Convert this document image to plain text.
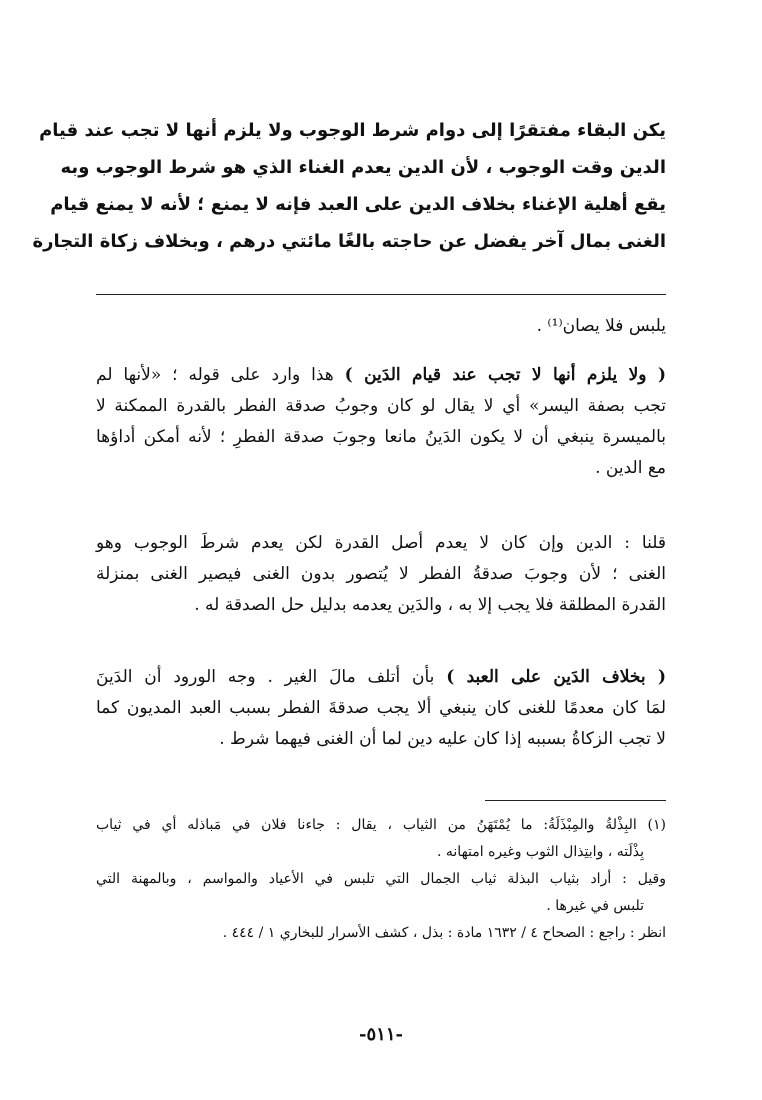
يكن البقاء مفتقرًا إلى دوام شرط الوجوب ولا يلزم أنها لا تجب عند قيام
الدين وقت الوجوب ، لأن الدين يعدم الغناء الذي هو شرط الوجوب وبه
يقع أهلية الإغناء بخلاف الدين على العبد فإنه لا يمنع ؛ لأنه لا يمنع قيام
الغنى بمال آخر يفضل عن حاجته بالغًا مائتي درهم ، وبخلاف زكاة التجارة
يلبس فلا يصان⁽¹⁾ .
( ولا يلزم أنها لا تجب عند قيام الدَين ) هذا وارد على قوله ؛ «لأنها لم
تجب بصفة اليسر» أي لا يقال لو كان وجوبُ صدقة الفطر بالقدرة الممكنة لا
بالميسرة ينبغي أن لا يكون الدَينُ مانعا وجوبَ صدقة الفطرِ ؛ لأنه أمكن أداؤها
مع الدين .
قلنا : الدين وإن كان لا يعدم أصل القدرة لكن يعدم شرطَ الوجوب وهو
الغنى ؛ لأن وجوبَ صدقةُ الفطر لا يُتصور بدون الغنى فيصير الغنى بمنزلة
القدرة المطلقة فلا يجب إلا به ، والدَين يعدمه بدليل حل الصدقة له .
( بخلاف الدَين على العبد ) بأن أتلف مالَ الغير . وجه الورود أن الدَينَ
لمَا كان معدمًا للغنى كان ينبغي ألا يجب صدقةَ الفطر بسبب العبد المديون كما
لا تجب الزكاةُ بسببه إذا كان عليه دين لما أن الغنى فيهما شرط .
(١) البِذْلةُ والمِبْذَلَةُ: ما يُمْتَهَنُ من الثياب ، يقال : جاءنا فلان في مَباذله أي في ثياب
بِذْلَته ، وابتِذال الثوب وغيره امتهانه .
وقيل : أراد بثياب البذلة ثياب الجمال التي تلبس في الأعياد والمواسم ، وبالمهنة التي
تلبس في غيرها .
انظر : راجع : الصحاح ٤ / ١٦٣٢ مادة : بذل ، كشف الأسرار للبخاري ١ / ٤٤٤ .
-٥١١-
